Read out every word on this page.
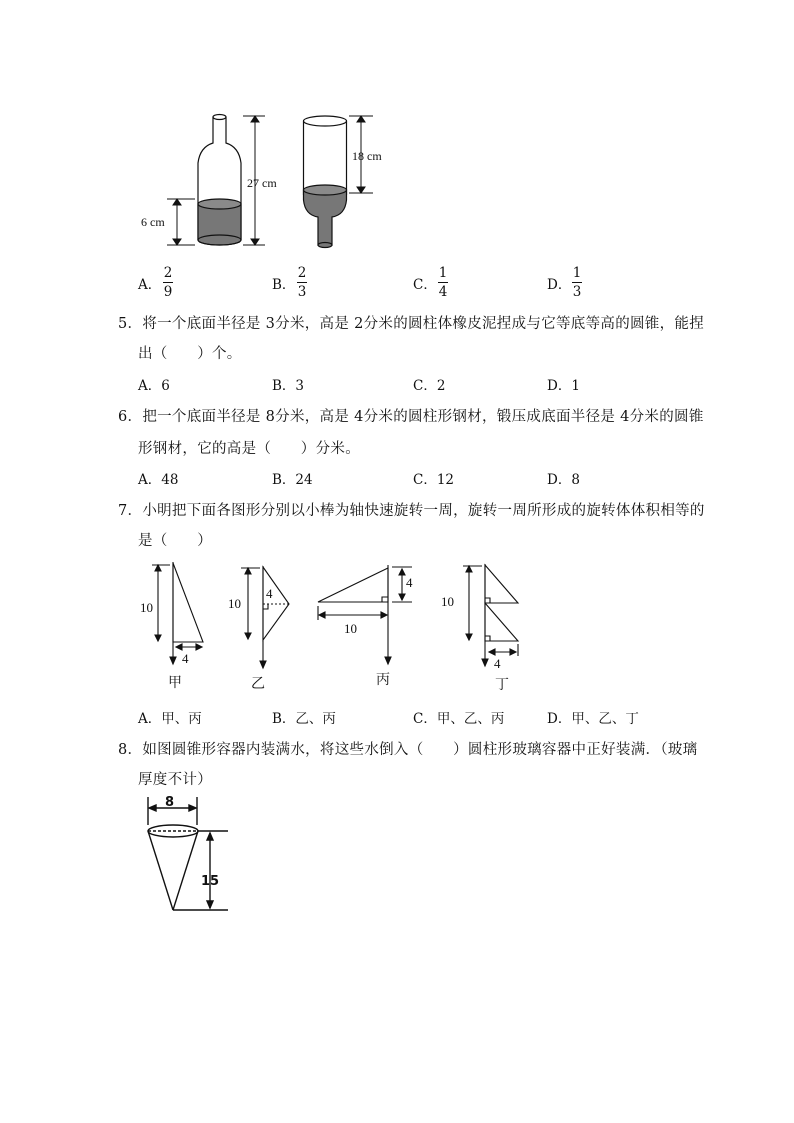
6 cm
27 cm
18 cm
A．
2
9	B．
2
3	C．
1
4	D．
1
3
5．将一个底面半径是 3分米，高是 2分米的圆柱体橡皮泥捏成与它等底等高的圆锥，能捏
出（　　）个。
A．6	B．3	C．2	D．1
6．把一个底面半径是 8分米，高是 4分米的圆柱形钢材，锻压成底面半径是 4分米的圆锥
形钢材，它的高是（　　）分米。
A．48	B．24	C．12	D．8
7．小明把下面各图形分别以小棒为轴快速旋转一周，旋转一周所形成的旋转体体积相等的
是（　　）
10
4
甲
10
4
乙
4
10
丙
10
4
丁
A．甲、丙	B．乙、丙	C．甲、乙、丙	D．甲、乙、丁
8．如图圆锥形容器内装满水，将这些水倒入（　　）圆柱形玻璃容器中正好装满．（玻璃
厚度不计）
8
15
